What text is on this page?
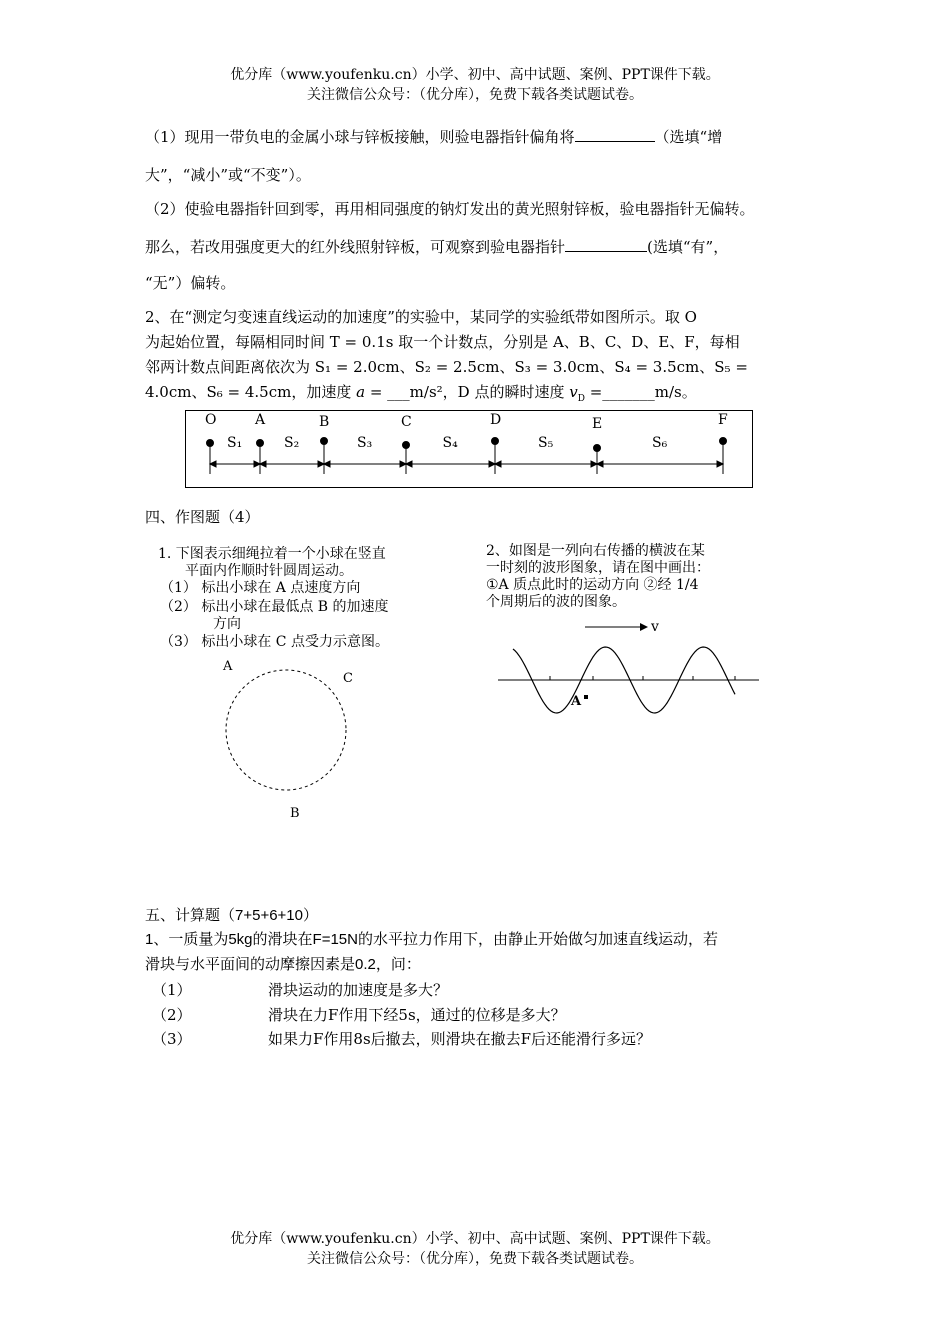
优分库（www.youfenku.cn）小学、初中、高中试题、案例、PPT课件下载。
关注微信公众号：（优分库），免费下载各类试题试卷。
（1）现用一带负电的金属小球与锌板接触，则验电器指针偏角将	（选填“增
大”，“减小”或“不变”）。
（2）使验电器指针回到零，再用相同强度的钠灯发出的黄光照射锌板，验电器指针无偏转。
那么，若改用强度更大的红外线照射锌板，可观察到验电器指针	(选填“有”，
“无”）偏转。
2、在“测定匀变速直线运动的加速度”的实验中，某同学的实验纸带如图所示。取 O
为起始位置，每隔相同时间 T = 0.1s 取一个计数点，分别是 A、B、C、D、E、F，每相
邻两计数点间距离依次为 S₁ = 2.0cm、S₂ = 2.5cm、S₃ = 3.0cm、S₄ = 3.5cm、S₅ =
4.0cm、S₆ = 4.5cm，加速度 a = ___m/s²，D 点的瞬时速度 $v_D$ =_______m/s。
O	A	B	C	D	E	F
S₁	S₂	S₃	S₄	S₅	S₆
四、作图题（4）
1. 下图表示细绳拉着一个小球在竖直
平面内作顺时针圆周运动。
（1） 标出小球在 A 点速度方向
（2） 标出小球在最低点 B 的加速度
方向
（3） 标出小球在 C 点受力示意图。
A
C
B
2、如图是一列向右传播的横波在某
一时刻的波形图象，请在图中画出：
①A 质点此时的运动方向 ②经 1/4
个周期后的波的图象。
v
A
五、计算题（7+5+6+10）
1、一质量为5kg的滑块在F=15N的水平拉力作用下，由静止开始做匀加速直线运动，若
滑块与水平面间的动摩擦因素是0.2，问：
（1）	滑块运动的加速度是多大？
（2）	滑块在力F作用下经5s，通过的位移是多大？
（3）	如果力F作用8s后撤去，则滑块在撤去F后还能滑行多远？
优分库（www.youfenku.cn）小学、初中、高中试题、案例、PPT课件下载。
关注微信公众号：（优分库），免费下载各类试题试卷。
